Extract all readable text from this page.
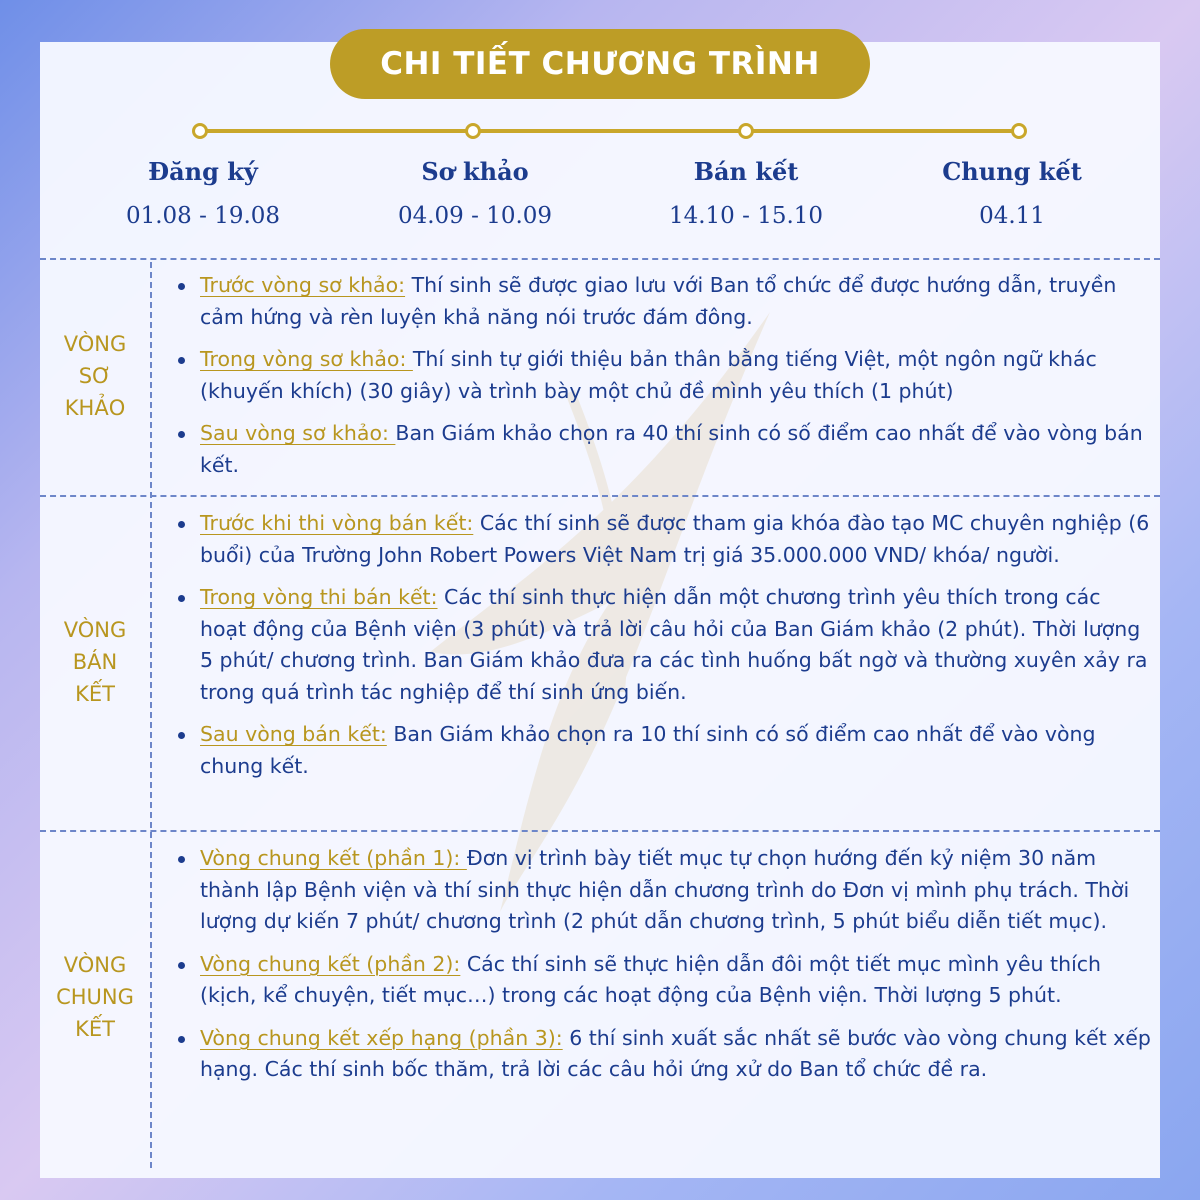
CHI TIẾT CHƯƠNG TRÌNH
Đăng ký
01.08 - 19.08
Sơ khảo
04.09 - 10.09
Bán kết
14.10 - 15.10
Chung kết
04.11
VÒNG
SƠ
KHẢO
Trước vòng sơ khảo: Thí sinh sẽ được giao lưu với Ban tổ chức để được hướng dẫn, truyền cảm hứng và rèn luyện khả năng nói trước đám đông.
Trong vòng sơ khảo: Thí sinh tự giới thiệu bản thân bằng tiếng Việt, một ngôn ngữ khác (khuyến khích) (30 giây) và trình bày một chủ đề mình yêu thích (1 phút)
Sau vòng sơ khảo: Ban Giám khảo chọn ra 40 thí sinh có số điểm cao nhất để vào vòng bán kết.
VÒNG
BÁN
KẾT
Trước khi thi vòng bán kết: Các thí sinh sẽ được tham gia khóa đào tạo MC chuyên nghiệp (6 buổi) của Trường John Robert Powers Việt Nam trị giá 35.000.000 VND/ khóa/ người.
Trong vòng thi bán kết: Các thí sinh thực hiện dẫn một chương trình yêu thích trong các hoạt động của Bệnh viện (3 phút) và trả lời câu hỏi của Ban Giám khảo (2 phút). Thời lượng 5 phút/ chương trình. Ban Giám khảo đưa ra các tình huống bất ngờ và thường xuyên xảy ra trong quá trình tác nghiệp để thí sinh ứng biến.
Sau vòng bán kết: Ban Giám khảo chọn ra 10 thí sinh có số điểm cao nhất để vào vòng chung kết.
VÒNG
CHUNG
KẾT
Vòng chung kết (phần 1): Đơn vị trình bày tiết mục tự chọn hướng đến kỷ niệm 30 năm thành lập Bệnh viện và thí sinh thực hiện dẫn chương trình do Đơn vị mình phụ trách. Thời lượng dự kiến 7 phút/ chương trình (2 phút dẫn chương trình, 5 phút biểu diễn tiết mục).
Vòng chung kết (phần 2): Các thí sinh sẽ thực hiện dẫn đôi một tiết mục mình yêu thích (kịch, kể chuyện, tiết mục…) trong các hoạt động của Bệnh viện. Thời lượng 5 phút.
Vòng chung kết xếp hạng (phần 3): 6 thí sinh xuất sắc nhất sẽ bước vào vòng chung kết xếp hạng. Các thí sinh bốc thăm, trả lời các câu hỏi ứng xử do Ban tổ chức đề ra.
